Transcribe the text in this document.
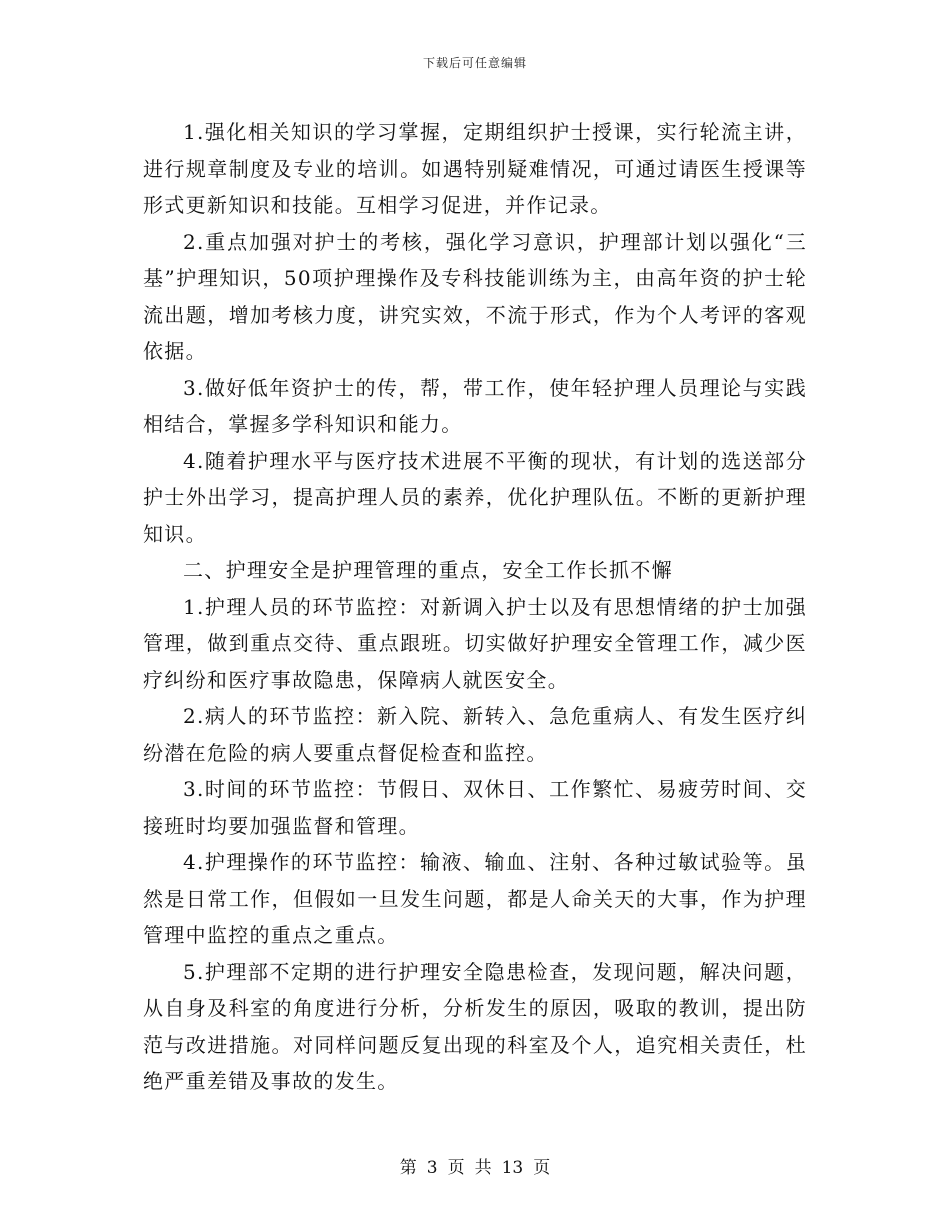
下载后可任意编辑

1.强化相关知识的学习掌握，定期组织护士授课，实行轮流主讲，进行规章制度及专业的培训。如遇特别疑难情况，可通过请医生授课等形式更新知识和技能。互相学习促进，并作记录。

2.重点加强对护士的考核，强化学习意识，护理部计划以强化“三基”护理知识，50项护理操作及专科技能训练为主，由高年资的护士轮流出题，增加考核力度，讲究实效，不流于形式，作为个人考评的客观依据。

3.做好低年资护士的传，帮，带工作，使年轻护理人员理论与实践相结合，掌握多学科知识和能力。

4.随着护理水平与医疗技术进展不平衡的现状，有计划的选送部分护士外出学习，提高护理人员的素养，优化护理队伍。不断的更新护理知识。

二、护理安全是护理管理的重点，安全工作长抓不懈

1.护理人员的环节监控：对新调入护士以及有思想情绪的护士加强管理，做到重点交待、重点跟班。切实做好护理安全管理工作，减少医疗纠纷和医疗事故隐患，保障病人就医安全。

2.病人的环节监控：新入院、新转入、急危重病人、有发生医疗纠纷潜在危险的病人要重点督促检查和监控。

3.时间的环节监控：节假日、双休日、工作繁忙、易疲劳时间、交接班时均要加强监督和管理。

4.护理操作的环节监控：输液、输血、注射、各种过敏试验等。虽然是日常工作，但假如一旦发生问题，都是人命关天的大事，作为护理管理中监控的重点之重点。

5.护理部不定期的进行护理安全隐患检查，发现问题，解决问题，从自身及科室的角度进行分析，分析发生的原因，吸取的教训，提出防范与改进措施。对同样问题反复出现的科室及个人，追究相关责任，杜绝严重差错及事故的发生。

第 3 页 共 13 页
